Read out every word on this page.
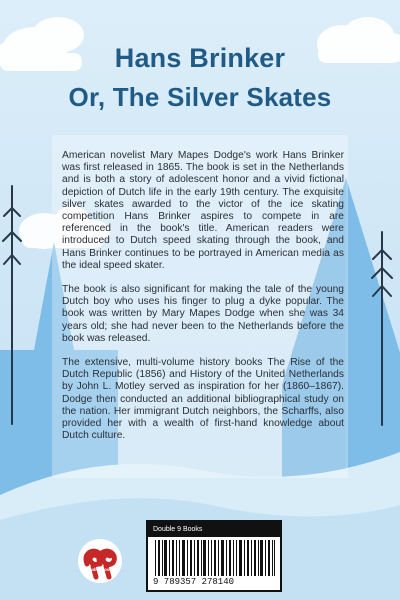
Hans Brinker
Or, The Silver Skates

American novelist Mary Mapes Dodge's work Hans Brinker was first released in 1865. The book is set in the Netherlands and is both a story of adolescent honor and a vivid fictional depiction of Dutch life in the early 19th century. The exquisite silver skates awarded to the victor of the ice skating competition Hans Brinker aspires to compete in are referenced in the book's title. American readers were introduced to Dutch speed skating through the book, and Hans Brinker continues to be portrayed in American media as the ideal speed skater.

The book is also significant for making the tale of the young Dutch boy who uses his finger to plug a dyke popular. The book was written by Mary Mapes Dodge when she was 34 years old; she had never been to the Netherlands before the book was released.

The extensive, multi-volume history books The Rise of the Dutch Republic (1856) and History of the United Netherlands by John L. Motley served as inspiration for her (1860–1867). Dodge then conducted an additional bibliographical study on the nation. Her immigrant Dutch neighbors, the Scharffs, also provided her with a wealth of first-hand knowledge about Dutch culture.

Double Books
Double 9 Books
9 789357 278140
